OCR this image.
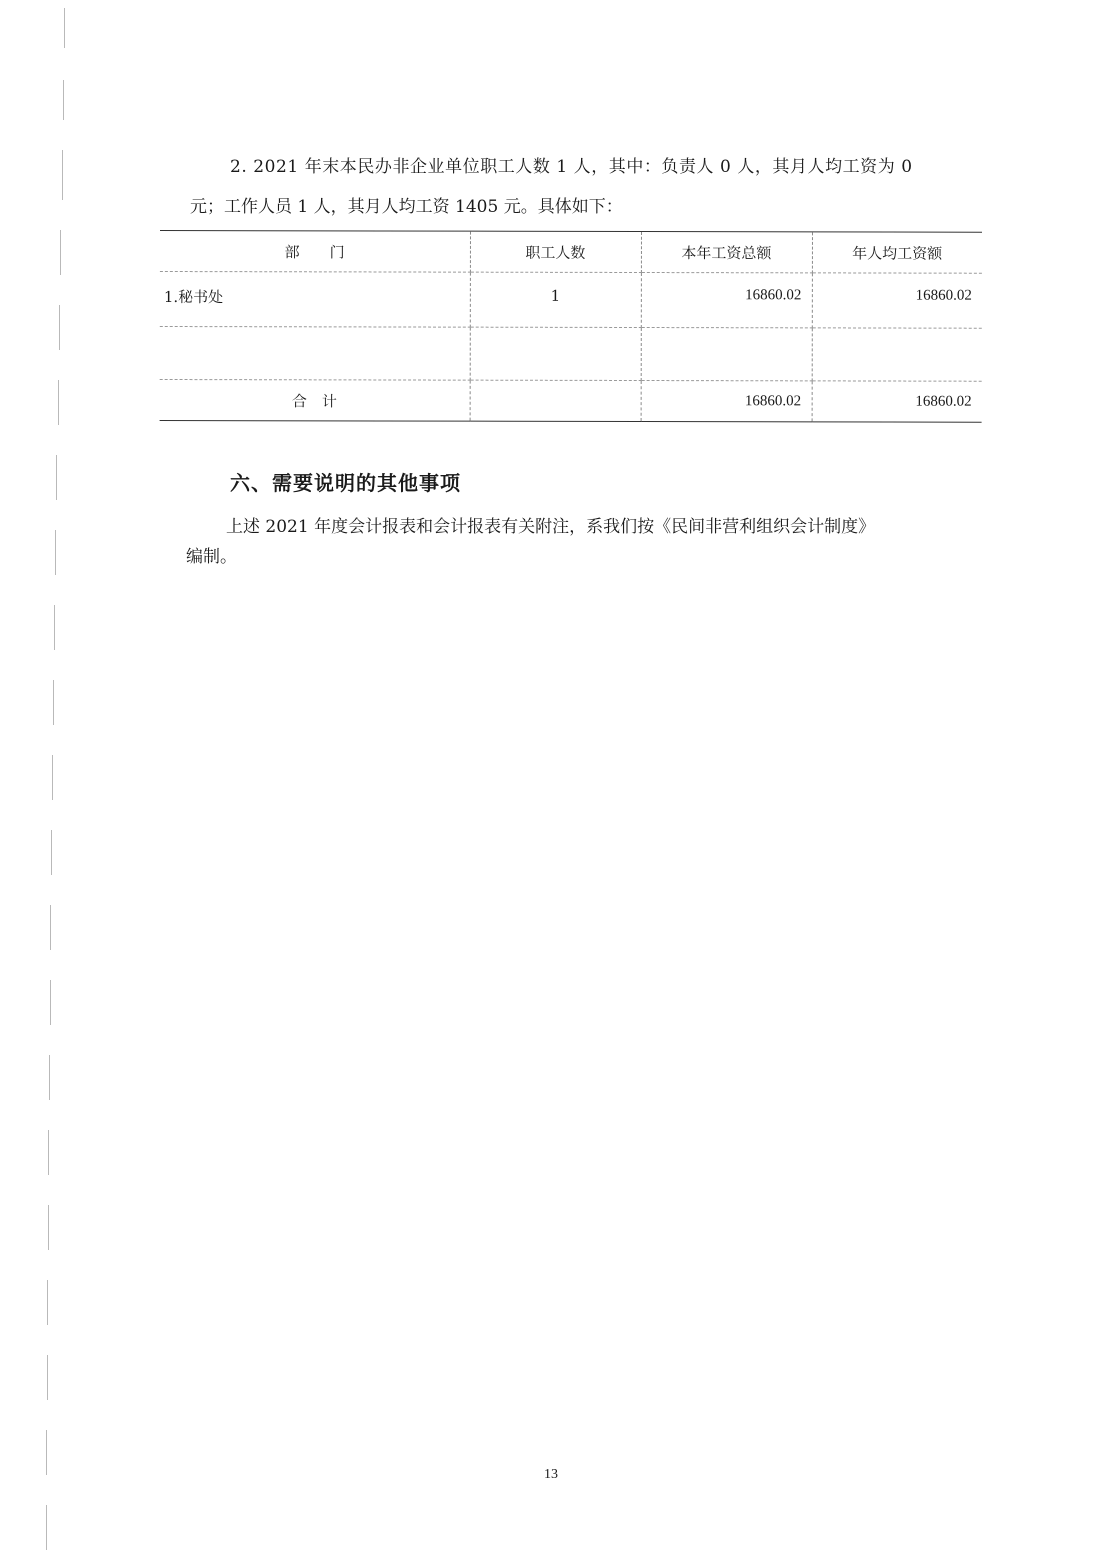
2. 2021 年末本民办非企业单位职工人数 1 人，其中：负责人 0 人，其月人均工资为 0
元；工作人员 1 人，其月人均工资 1405 元。具体如下：
部　　门	职工人数	本年工资总额	年人均工资额
1.秘书处	1	16860.02	16860.02

合　计		16860.02	16860.02
六、需要说明的其他事项
上述 2021 年度会计报表和会计报表有关附注，系我们按《民间非营利组织会计制度》
编制。
13
